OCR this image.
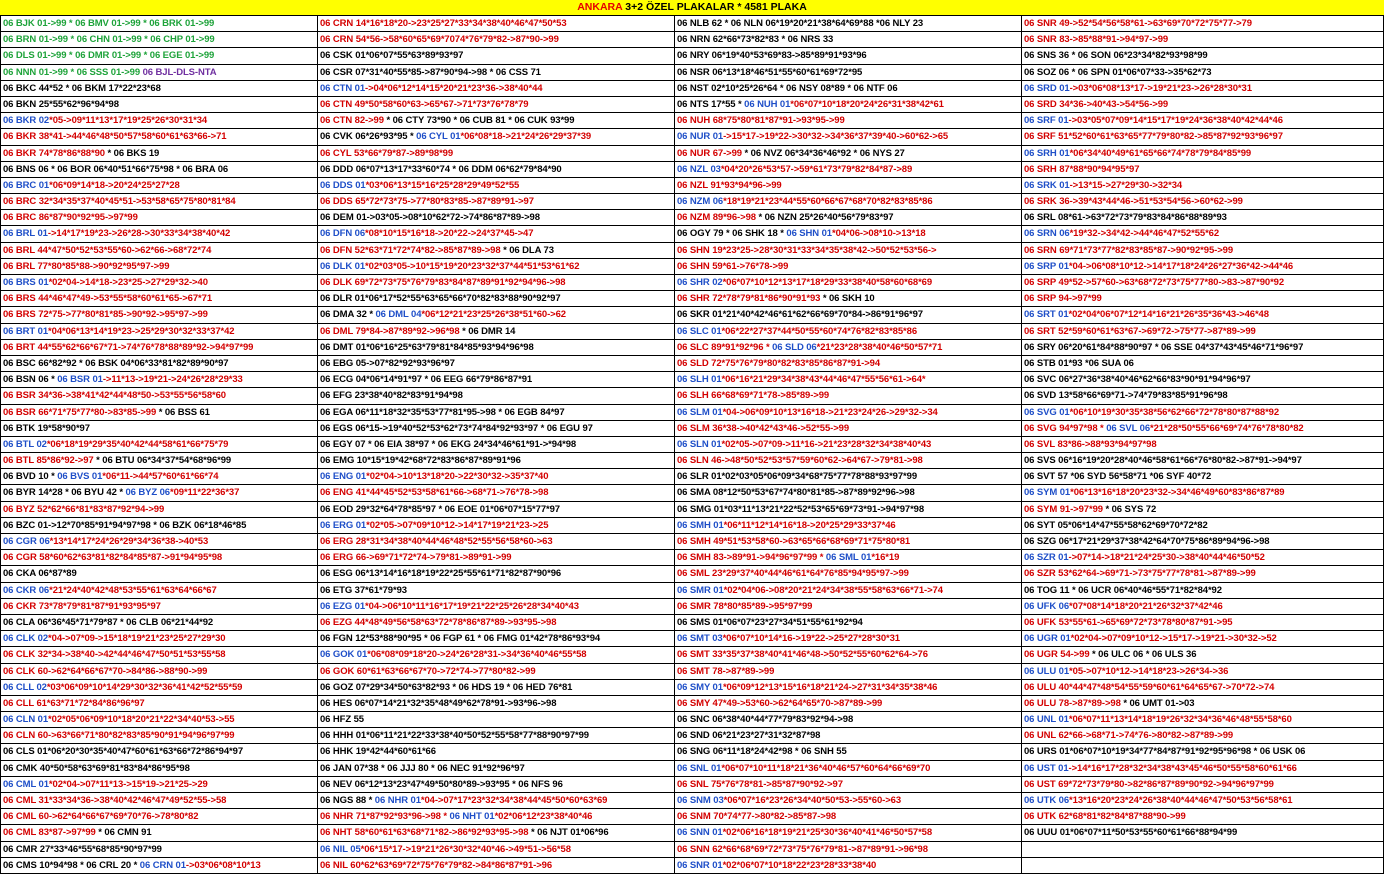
ANKARA 3+2 ÖZEL PLAKALAR * 4581 PLAKA
06 BJK 01->99 * 06 BMV 01->99 * 06 BRK 01->99
06 BRN 01->99 * 06 CHN 01->99 * 06 CHP 01->99
06 DLS 01->99 * 06 DMR 01->99 * 06 EGE 01->99
06 NNN 01->99 * 06 SSS 01->99 06 BJL-DLS-NTA
06 BKC 44*52 * 06 BKM 17*22*23*68
06 BKN 25*55*62*96*94*98
06 BKR 02*05->09*11*13*17*19*25*26*30*31*34
06 BKR 38*41->44*46*48*50*57*58*60*61*63*66->71
06 BKR 74*78*86*88*90 * 06 BKS 19
06 BNS 06 * 06 BOR 06*40*51*66*75*98 * 06 BRA 06
06 BRC 01*06*09*14*18->20*24*25*27*28
06 BRC 32*34*35*37*40*45*51->53*58*65*75*80*81*84
06 BRC 86*87*90*92*95->97*99
06 BRL 01->14*17*19*23->26*28->30*33*34*38*40*42
06 BRL 44*47*50*52*53*55*60->62*66->68*72*74
06 BRL 77*80*85*88->90*92*95*97->99
06 BRS 01*02*04->14*18->23*25->27*29*32->40
06 BRS 44*46*47*49->53*55*58*60*61*65->67*71
06 BRS 72*75->77*80*81*85->90*92->95*97->99
06 BRT 01*04*06*13*14*19*23->25*29*30*32*33*37*42
06 BRT 44*55*62*66*67*71->74*76*78*88*89*92->94*97*99
06 BSC 66*82*92 * 06 BSK 04*06*33*81*82*89*90*97
06 BSN 06 * 06 BSR 01->11*13->19*21->24*26*28*29*33
06 BSR 34*36->38*41*42*44*48*50->53*55*56*58*60
06 BSR 66*71*75*77*80->83*85->99 * 06 BSS 61
06 BTK 19*58*90*97
06 BTL 02*06*18*19*29*35*40*42*44*58*61*66*75*79
06 BTL 85*86*92->97 * 06 BTU 06*34*37*54*68*96*99
06 BVD 10 * 06 BVS 01*06*11->44*57*60*61*66*74
06 BYR 14*28 * 06 BYU 42 * 06 BYZ 06*09*11*22*36*37
06 BYZ 52*62*66*81*83*87*92*94->99
06 BZC 01->12*70*85*91*94*97*98 * 06 BZK 06*18*46*85
06 CGR 06*13*14*17*24*26*29*34*36*38->40*53
06 CGR 58*60*62*63*81*82*84*85*87->91*94*95*98
06 CKA 06*87*89
06 CKR 06*21*24*40*42*48*53*55*61*63*64*66*67
06 CKR 73*78*79*81*87*91*93*95*97
06 CLA 06*36*45*71*79*87 * 06 CLB 06*21*44*92
06 CLK 02*04->07*09->15*18*19*21*23*25*27*29*30
06 CLK 32*34->38*40->42*44*46*47*50*51*53*55*58
06 CLK 60->62*64*66*67*70->84*86->88*90->99
06 CLL 02*03*06*09*10*14*29*30*32*36*41*42*52*55*59
06 CLL 61*63*71*72*84*86*96*97
06 CLN 01*02*05*06*09*10*18*20*21*22*34*40*53->55
06 CLN 60->63*66*71*80*82*83*85*90*91*94*96*97*99
06 CLS 01*06*20*30*35*40*47*60*61*63*66*72*86*94*97
06 CMK 40*50*58*63*69*81*83*84*86*95*98
06 CML 01*02*04->07*11*13->15*19->21*25->29
06 CML 31*33*34*36->38*40*42*46*47*49*52*55->58
06 CML 60->62*64*66*67*69*70*76->78*80*82
06 CML 83*87->97*99 * 06 CMN 91
06 CMR 27*33*46*55*68*85*90*97*99
06 CMS 10*94*98 * 06 CRL 20 * 06 CRN 01->03*06*08*10*13
06 CRN 14*16*18*20->23*25*27*33*34*38*40*46*47*50*53
06 CRN 54*56->58*60*65*69*7074*76*79*82->87*90->99
06 CSK 01*06*07*55*63*89*93*97
06 CSR 07*31*40*55*85->87*90*94->98 * 06 CSS 71
06 CTN 01->04*06*12*14*15*20*21*23*36->38*40*44
06 CTN 49*50*58*60*63->65*67->71*73*76*78*79
06 CTN 82->99 * 06 CTY 73*90 * 06 CUB 81 * 06 CUK 93*99
06 CVK 06*26*93*95 * 06 CYL 01*06*08*18->21*24*26*29*37*39
06 CYL 53*66*79*87->89*98*99
06 DDD 06*07*13*17*33*60*74 * 06 DDM 06*62*79*84*90
06 DDS 01*03*06*13*15*16*25*28*29*49*52*55
06 DDS 65*72*73*75->77*80*83*85->87*89*91->97
06 DEM 01->03*05->08*10*62*72->74*86*87*89->98
06 DFN 06*08*10*15*16*18->20*22->24*37*45->47
06 DFN 52*63*71*72*74*82->85*87*89->98 * 06 DLA 73
06 DLK 01*02*03*05->10*15*19*20*23*32*37*44*51*53*61*62
06 DLK 69*72*73*75*76*79*83*84*87*89*91*92*94*96->98
06 DLR 01*06*17*52*55*63*65*66*70*82*83*88*90*92*97
06 DMA 32 * 06 DML 04*06*12*21*23*25*26*38*51*60->62
06 DML 79*84->87*89*92->96*98 * 06 DMR 14
06 DMT 01*06*16*25*63*79*81*84*85*93*94*96*98
06 EBG 05->07*82*92*93*96*97
06 ECG 04*06*14*91*97 * 06 EEG 66*79*86*87*91
06 EFG 23*38*40*82*83*91*94*98
06 EGA 06*11*18*32*35*53*77*81*95->98 * 06 EGB 84*97
06 EGS 06*15->19*40*52*53*62*73*74*84*92*93*97 * 06 EGU 97
06 EGY 07 * 06 EIA 38*97 * 06 EKG 24*34*46*61*91->*94*98
06 EMG 10*15*19*42*68*72*83*86*87*89*91*96
06 ENG 01*02*04->10*13*18*20->22*30*32->35*37*40
06 ENG 41*44*45*52*53*58*61*66->68*71->76*78->98
06 EOD 29*32*64*78*85*97 * 06 EOE 01*06*07*15*77*97
06 ERG 01*02*05->07*09*10*12->14*17*19*21*23->25
06 ERG 28*31*34*38*40*44*46*48*52*55*56*58*60->63
06 ERG 66->69*71*72*74->79*81->89*91->99
06 ESG 06*13*14*16*18*19*22*25*55*61*71*82*87*90*96
06 ETG 37*61*79*93
06 EZG 01*04->06*10*11*16*17*19*21*22*25*26*28*34*40*43
06 EZG 44*48*49*56*58*63*72*78*86*87*89->93*95->98
06 FGN 12*53*88*90*95 * 06 FGP 61 * 06 FMG 01*42*78*86*93*94
06 GOK 01*06*08*09*18*20->24*26*28*31->34*36*40*46*55*58
06 GOK 60*61*63*66*67*70->72*74->77*80*82->99
06 GOZ 07*29*34*50*63*82*93 * 06 HDS 19 * 06 HED 76*81
06 HES 06*07*14*21*32*35*48*49*62*78*91->93*96->98
06 HFZ 55
06 HHH 01*06*11*21*22*33*38*40*50*52*55*58*77*88*90*97*99
06 HHK 19*42*44*60*61*66
06 JAN 07*38 * 06 JJJ 80 * 06 NEC 91*92*96*97
06 NEV 06*12*13*23*47*49*50*80*89->93*95 * 06 NFS 96
06 NGS 88 * 06 NHR 01*04->07*17*23*32*34*38*44*45*50*60*63*69
06 NHR 71*87*92*93*96->98 * 06 NHT 01*02*06*12*23*38*40*46
06 NHT 58*60*61*63*68*71*82->86*92*93*95->98 * 06 NJT 01*06*96
06 NIL 05*06*15*17->19*21*26*30*32*40*46->49*51->56*58
06 NIL 60*62*63*69*72*75*76*79*82->84*86*87*91->96
06 NLB 62 * 06 NLN 06*19*20*21*38*64*69*88 *06 NLY 23
06 NRN 62*66*73*82*83 * 06 NRS 33
06 NRY 06*19*40*53*69*83->85*89*91*93*96
06 NSR 06*13*18*46*51*55*60*61*69*72*95
06 NST 02*10*25*26*64 * 06 NSY 08*89 * 06 NTF 06
06 NTS 17*55 * 06 NUH 01*06*07*10*18*20*24*26*31*38*42*61
06 NUH 68*75*80*81*87*91->93*95->99
06 NUR 01->15*17->19*22->30*32->34*36*37*39*40->60*62->65
06 NUR 67->99 * 06 NVZ 06*34*36*46*92 * 06 NYS 27
06 NZL 03*04*20*26*53*57->59*61*73*79*82*84*87->89
06 NZL 91*93*94*96->99
06 NZM 06*18*19*21*23*44*55*60*66*67*68*70*82*83*85*86
06 NZM 89*96->98 * 06 NZN 25*26*40*56*79*83*97
06 OGY 79 * 06 SHK 18 * 06 SHN 01*04*06->08*10->13*18
06 SHN 19*23*25->28*30*31*33*34*35*38*42->50*52*53*56->
06 SHN 59*61->76*78->99
06 SHR 02*06*07*10*12*13*17*18*29*33*38*40*58*60*68*69
06 SHR 72*78*79*81*86*90*91*93 * 06 SKH 10
06 SKR 01*21*40*42*46*61*62*66*69*70*84->86*91*96*97
06 SLC 01*06*22*27*37*44*50*55*60*74*76*82*83*85*86
06 SLC 89*91*92*96 * 06 SLD 06*21*23*28*38*40*46*50*57*71
06 SLD 72*75*76*79*80*82*83*85*86*87*91->94
06 SLH 01*06*16*21*29*34*38*43*44*46*47*55*56*61->64*
06 SLH 66*68*69*71*78->85*89->99
06 SLM 01*04->06*09*10*13*16*18->21*23*24*26->29*32->34
06 SLM 36*38->40*42*43*46->52*55->99
06 SLN 01*02*05->07*09->11*16->21*23*28*32*34*38*40*43
06 SLN 46->48*50*52*53*57*59*60*62->64*67->79*81->98
06 SLR 01*02*03*05*06*09*34*68*75*77*78*88*93*97*99
06 SMA 08*12*50*53*67*74*80*81*85->87*89*92*96->98
06 SMG 01*03*11*13*21*22*52*53*65*69*73*91->94*97*98
06 SMH 01*06*11*12*14*16*18->20*25*29*33*37*46
06 SMH 49*51*53*58*60->63*65*66*68*69*71*75*80*81
06 SMH 83->89*91->94*96*97*99 * 06 SML 01*16*19
06 SML 23*29*37*40*44*46*61*64*76*85*94*95*97->99
06 SMR 01*02*04*06->08*20*21*24*34*38*55*58*63*66*71->74
06 SMR 78*80*85*89->95*97*99
06 SMS 01*06*07*23*27*34*51*55*61*92*94
06 SMT 03*06*07*10*14*16->19*22->25*27*28*30*31
06 SMT 33*35*37*38*40*41*46*48->50*52*55*60*62*64->76
06 SMT 78->87*89->99
06 SMY 01*06*09*12*13*15*16*18*21*24->27*31*34*35*38*46
06 SMY 47*49->53*60->62*64*65*70->87*89->99
06 SNC 06*38*40*44*77*79*83*92*94->98
06 SND 06*21*23*27*31*32*87*98
06 SNG 06*11*18*24*42*98 * 06 SNH 55
06 SNL 01*06*07*10*11*18*21*36*40*46*57*60*64*66*69*70
06 SNL 75*76*78*81->85*87*90*92->97
06 SNM 03*06*07*16*23*26*34*40*50*53->55*60->63
06 SNM 70*74*77->80*82->85*87->98
06 SNN 01*02*06*16*18*19*21*25*30*36*40*41*46*50*57*58
06 SNN 62*66*68*69*72*73*75*76*79*81->87*89*91->96*98
06 SNR 01*02*06*07*10*18*22*23*28*33*38*40
06 SNR 49->52*54*56*58*61->63*69*70*72*75*77->79
06 SNR 83->85*88*91->94*97->99
06 SNS 36 * 06 SON 06*23*34*82*93*98*99
06 SOZ 06 * 06 SPN 01*06*07*33->35*62*73
06 SRD 01->03*06*08*13*17->19*21*23->26*28*30*31
06 SRD 34*36->40*43->54*56->99
06 SRF 01->03*05*07*09*14*15*17*19*24*36*38*40*42*44*46
06 SRF 51*52*60*61*63*65*77*79*80*82->85*87*92*93*96*97
06 SRH 01*06*34*40*49*61*65*66*74*78*79*84*85*99
06 SRH 87*88*90*94*95*97
06 SRK 01->13*15->27*29*30->32*34
06 SRK 36->39*43*44*46->51*53*54*56->60*62->99
06 SRL 08*61->63*72*73*79*83*84*86*88*89*93
06 SRN 06*19*32->34*42->44*46*47*52*55*62
06 SRN 69*71*73*77*82*83*85*87->90*92*95->99
06 SRP 01*04->06*08*10*12->14*17*18*24*26*27*36*42->44*46
06 SRP 49*52->57*60->63*68*72*73*75*77*80->83->87*90*92
06 SRP 94->97*99
06 SRT 01*02*04*06*07*12*14*16*21*26*35*36*43->46*48
06 SRT 52*59*60*61*63*67->69*72->75*77->87*89->99
06 SRY 06*20*61*84*88*90*97 * 06 SSE 04*37*43*45*46*71*96*97
06 STB 01*93 *06 SUA 06
06 SVC 06*27*36*38*40*46*62*66*83*90*91*94*96*97
06 SVD 13*58*66*69*71->74*79*83*85*91*96*98
06 SVG 01*06*10*19*30*35*38*56*62*66*72*78*80*87*88*92
06 SVG 94*97*98 * 06 SVL 06*21*28*50*55*66*69*74*76*78*80*82
06 SVL 83*86->88*93*94*97*98
06 SVS 06*16*19*20*28*40*46*58*61*66*76*80*82->87*91->94*97
06 SVT 57 *06 SYD 56*58*71 *06 SYF 40*72
06 SYM 01*06*13*16*18*20*23*32->34*46*49*60*83*86*87*89
06 SYM 91->97*99 * 06 SYS 72
06 SYT 05*06*14*47*55*58*62*69*70*72*82
06 SZG 06*17*21*29*37*38*42*64*70*75*86*89*94*96->98
06 SZR 01->07*14->18*21*24*25*30->38*40*44*46*50*52
06 SZR 53*62*64->69*71->73*75*77*78*81->87*89->99
06 TOG 11 * 06 UCR 06*40*46*55*71*82*84*92
06 UFK 06*07*08*14*18*20*21*26*32*37*42*46
06 UFK 53*55*61->65*69*72*73*78*80*87*91->95
06 UGR 01*02*04->07*09*10*12->15*17->19*21->30*32->52
06 UGR 54->99 * 06 ULC 06 * 06 ULS 36
06 ULU 01*05->07*10*12->14*18*23->26*34->36
06 ULU 40*44*47*48*54*55*59*60*61*64*65*67->70*72->74
06 ULU 78->87*89->98 * 06 UMT 01->03
06 UNL 01*06*07*11*13*14*18*19*26*32*34*36*46*48*55*58*60
06 UNL 62*66->68*71->74*76->80*82->87*89->99
06 URS 01*06*07*10*19*34*77*84*87*91*92*95*96*98 * 06 USK 06
06 UST 01->14*16*17*28*32*34*38*43*45*46*50*55*58*60*61*66
06 UST 69*72*73*79*80->82*86*87*89*90*92->94*96*97*99
06 UTK 06*13*16*20*23*24*26*38*40*44*46*47*50*53*56*58*61
06 UTK 62*68*81*82*84*87*88*90->99
06 UUU 01*06*07*11*50*53*55*60*61*66*88*94*99
